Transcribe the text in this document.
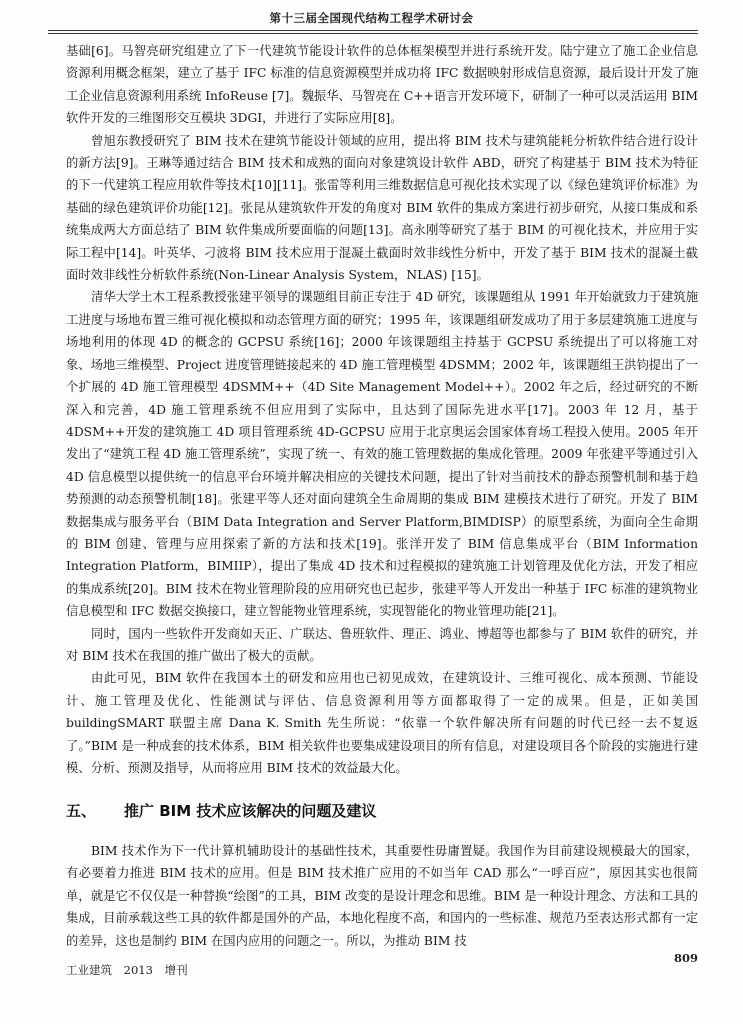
第十三届全国现代结构工程学术研讨会

基础[6]。马智亮研究组建立了下一代建筑节能设计软件的总体框架模型并进行系统开发。陆宁建立了施工企业信息资源利用概念框架，建立了基于 IFC 标准的信息资源模型并成功将 IFC 数据映射形成信息资源，最后设计开发了施工企业信息资源利用系统 InfoReuse [7]。魏振华、马智亮在 C++语言开发环境下，研制了一种可以灵活运用 BIM 软件开发的三维图形交互模块 3DGI，并进行了实际应用[8]。

曾旭东教授研究了 BIM 技术在建筑节能设计领域的应用，提出将 BIM 技术与建筑能耗分析软件结合进行设计的新方法[9]。王琳等通过结合 BIM 技术和成熟的面向对象建筑设计软件 ABD，研究了构建基于 BIM 技术为特征的下一代建筑工程应用软件等技术[10][11]。张雷等利用三维数据信息可视化技术实现了以《绿色建筑评价标准》为基础的绿色建筑评价功能[12]。张昆从建筑软件开发的角度对 BIM 软件的集成方案进行初步研究，从接口集成和系统集成两大方面总结了 BIM 软件集成所要面临的问题[13]。高永刚等研究了基于 BIM 的可视化技术，并应用于实际工程中[14]。叶英华、刁波将 BIM 技术应用于混凝土截面时效非线性分析中，开发了基于 BIM 技术的混凝土截面时效非线性分析软件系统(Non-Linear Analysis System，NLAS) [15]。

清华大学土木工程系教授张建平领导的课题组目前正专注于 4D 研究，该课题组从 1991 年开始就致力于建筑施工进度与场地布置三维可视化模拟和动态管理方面的研究；1995 年，该课题组研发成功了用于多层建筑施工进度与场地利用的体现 4D 的概念的 GCPSU 系统[16]；2000 年该课题组主持基于 GCPSU 系统提出了可以将施工对象、场地三维模型、Project 进度管理链接起来的 4D 施工管理模型 4DSMM；2002 年，该课题组王洪钧提出了一个扩展的 4D 施工管理模型 4DSMM++（4D Site Management Model++）。2002 年之后，经过研究的不断深入和完善，4D 施工管理系统不但应用到了实际中，且达到了国际先进水平[17]。2003 年 12 月，基于 4DSM++开发的建筑施工 4D 项目管理系统 4D-GCPSU 应用于北京奥运会国家体育场工程投入使用。2005 年开发出了“建筑工程 4D 施工管理系统”，实现了统一、有效的施工管理数据的集成化管理。2009 年张建平等通过引入 4D 信息模型以提供统一的信息平台环境并解决相应的关键技术问题，提出了针对当前技术的静态预警机制和基于趋势预测的动态预警机制[18]。张建平等人还对面向建筑全生命周期的集成 BIM 建模技术进行了研究。开发了 BIM 数据集成与服务平台（BIM Data Integration and Server Platform,BIMDISP）的原型系统，为面向全生命期的 BIM 创建、管理与应用探索了新的方法和技术[19]。张洋开发了 BIM 信息集成平台（BIM Information Integration Platform，BIMIIP），提出了集成 4D 技术和过程模拟的建筑施工计划管理及优化方法，开发了相应的集成系统[20]。BIM 技术在物业管理阶段的应用研究也已起步，张建平等人开发出一种基于 IFC 标准的建筑物业信息模型和 IFC 数据交换接口，建立智能物业管理系统，实现智能化的物业管理功能[21]。

同时，国内一些软件开发商如天正、广联达、鲁班软件、理正、鸿业、博超等也都参与了 BIM 软件的研究，并对 BIM 技术在我国的推广做出了极大的贡献。

由此可见，BIM 软件在我国本土的研发和应用也已初见成效，在建筑设计、三维可视化、成本预测、节能设计、施工管理及优化、性能测试与评估、信息资源利用等方面都取得了一定的成果。但是，正如美国 buildingSMART 联盟主席 Dana K. Smith 先生所说：“依靠一个软件解决所有问题的时代已经一去不复返了。”BIM 是一种成套的技术体系，BIM 相关软件也要集成建设项目的所有信息，对建设项目各个阶段的实施进行建模、分析、预测及指导，从而将应用 BIM 技术的效益最大化。

五、 推广 BIM 技术应该解决的问题及建议

BIM 技术作为下一代计算机辅助设计的基础性技术，其重要性毋庸置疑。我国作为目前建设规模最大的国家，有必要着力推进 BIM 技术的应用。但是 BIM 技术推广应用的不如当年 CAD 那么“一呼百应”，原因其实也很简单，就是它不仅仅是一种替换“绘图”的工具，BIM 改变的是设计理念和思维。BIM 是一种设计理念、方法和工具的集成，目前承载这些工具的软件都是国外的产品，本地化程度不高，和国内的一些标准、规范乃至表达形式都有一定的差异，这也是制约 BIM 在国内应用的问题之一。所以，为推动 BIM 技

工业建筑 2013 增刊
809
